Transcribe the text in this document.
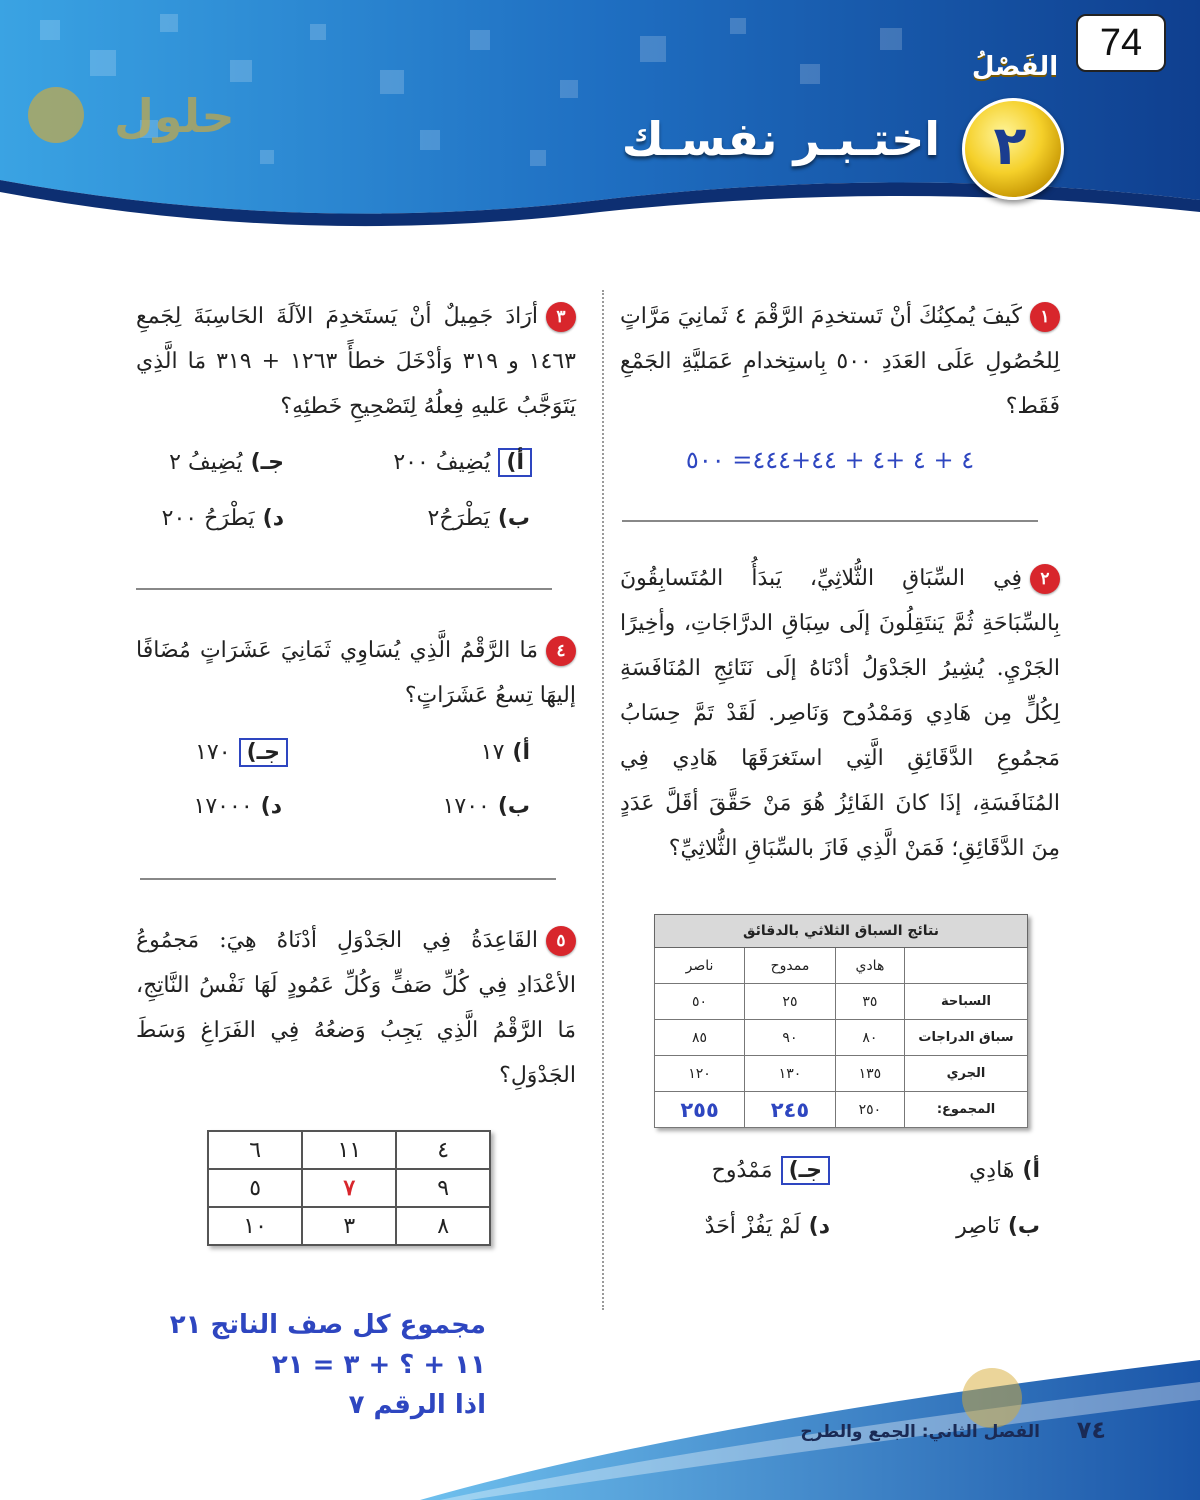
حلول
74
الفَصْلُ
٢
اختـبـر نفسـك
١كَيفَ يُمكِنُكَ أنْ تَستخدِمَ الرَّقْمَ ٤ ثَمانِيَ مَرَّاتٍ لِلحُصُولِ عَلَى العَدَدِ ٥٠٠ بِاستِخدامِ عَمَليَّةِ الجَمْعِ فَقَط؟
٤ + ٤ +٤ + ٤٤+٤٤٤= ٥٠٠
٢فِي السِّبَاقِ الثُّلاثِيِّ، يَبدَأُ المُتَسابِقُونَ بِالسِّبَاحَةِ ثُمَّ يَنتَقِلُونَ إلَى سِبَاقِ الدرَّاجَاتِ، وأخِيرًا الجَرْيِ. يُشِيرُ الجَدْوَلُ أدْنَاهُ إلَى نَتَائِجِ المُنَافَسَةِ لِكُلٍّ مِن هَادِي وَمَمْدُوح وَنَاصِر. لَقَدْ تَمَّ حِسَابُ مَجمُوعِ الدَّقَائِقِ الَّتِي استَغرَقَهَا هَادِي فِي المُنَافَسَةِ، إذَا كانَ الفَائِزُ هُوَ مَنْ حَقَّقَ أقَلَّ عَدَدٍ مِنَ الدَّقَائِقِ؛ فَمَنْ الَّذِي فَازَ بالسِّبَاقِ الثُّلاثِيِّ؟
نتائج السباق الثلاثي بالدقائق			
	هادي	ممدوح	ناصر
السباحة	٣٥	٢٥	٥٠
سباق الدراجات	٨٠	٩٠	٨٥
الجري	١٣٥	١٣٠	١٢٠
المجموع:	٢٥٠	٢٤٥	٢٥٥
أ)هَادِي
جـ)مَمْدُوح
ب)نَاصِر
د)لَمْ يَفُزْ أحَدٌ
٣أرَادَ جَمِيلٌ أنْ يَستَخدِمَ الآلَةَ الحَاسِبَةَ لِجَمعِ ١٤٦٣ و ٣١٩ وَأدْخَلَ خطأً ١٢٦٣ + ٣١٩ مَا الَّذِي يَتَوَجَّبُ عَليهِ فِعلُهُ لِتَصْحِيحِ خَطئِهِ؟
أ)يُضِيفُ ٢٠٠
جـ)يُضِيفُ ٢
ب)يَطْرَحُ٢
د)يَطْرَحُ ٢٠٠
٤مَا الرَّقْمُ الَّذِي يُسَاوِي ثَمَانِيَ عَشَرَاتٍ مُضَافًا إليهَا تِسعُ عَشَرَاتٍ؟
أ)١٧
جـ)١٧٠
ب)١٧٠٠
د)١٧٠٠٠
٥القَاعِدَةُ فِي الجَدْوَلِ أدْنَاهُ هِيَ: مَجمُوعُ الأعْدَادِ فِي كُلِّ صَفٍّ وَكُلِّ عَمُودٍ لَهَا نَفْسُ النَّاتِجِ، مَا الرَّقْمُ الَّذِي يَجِبُ وَضعُهُ فِي الفَرَاغِ وَسَطَ الجَدْوَلِ؟
٤	١١	٦
٩	٧	٥
٨	٣	١٠
مجموع كل صف الناتج ٢١
١١ + ؟ + ٣ = ٢١
اذا الرقم ٧
٧٤
الفصل الثاني: الجمع والطرح
